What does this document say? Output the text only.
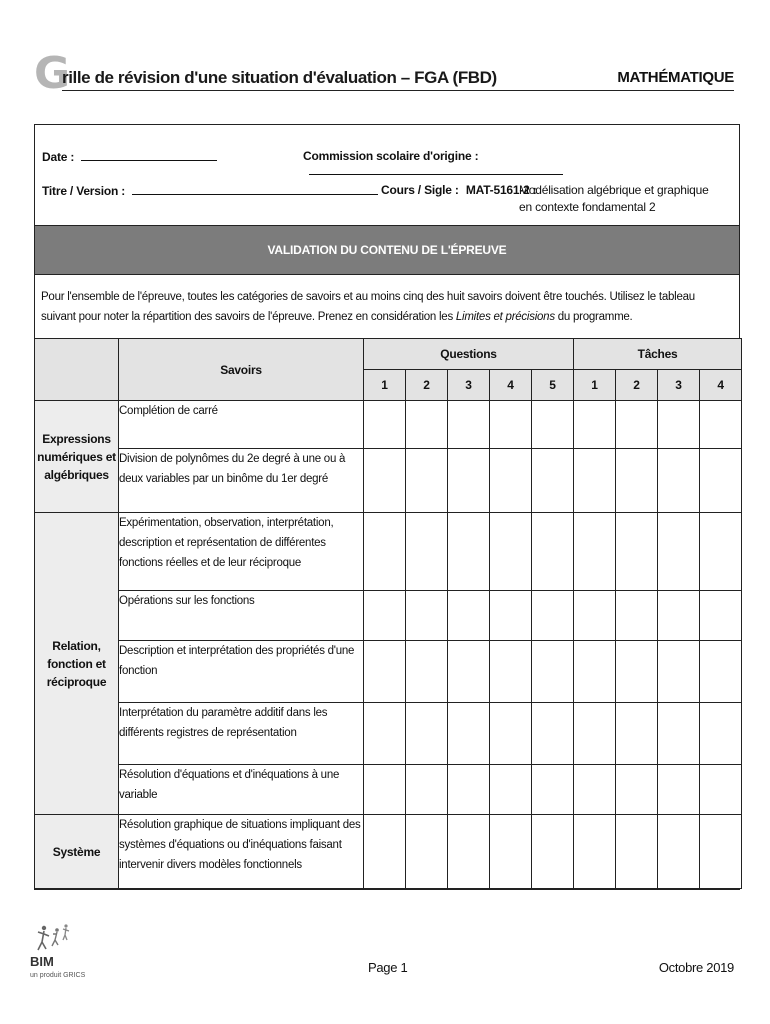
G
rille de révision d'une situation d'évaluation – FGA (FBD)	MATHÉMATIQUE
Date :	Commission scolaire d'origine :
Titre / Version :	Cours / Sigle : MAT-5161-2 :
Modélisation algébrique et graphique en contexte fondamental 2
VALIDATION DU CONTENU DE L'ÉPREUVE
Pour l'ensemble de l'épreuve, toutes les catégories de savoirs et au moins cinq des huit savoirs doivent être touchés. Utilisez le tableau suivant pour noter la répartition des savoirs de l'épreuve. Prenez en considération les Limites et précisions du programme.
	Savoirs	Questions					Tâches			
		1	2	3	4	5	1	2	3	4
Expressions numériques et algébriques	Complétion de carré									
	Division de polynômes du 2e degré à une ou à deux variables par un binôme du 1er degré									
Relation, fonction et réciproque	Expérimentation, observation, interprétation, description et représentation de différentes fonctions réelles et de leur réciproque									
	Opérations sur les fonctions									
	Description et interprétation des propriétés d'une fonction									
	Interprétation du paramètre additif dans les différents registres de représentation									
	Résolution d'équations et d'inéquations à une variable									
Système	Résolution graphique de situations impliquant des systèmes d'équations ou d'inéquations faisant intervenir divers modèles fonctionnels									
BIM
un produit GRICS
Page 1	Octobre 2019
